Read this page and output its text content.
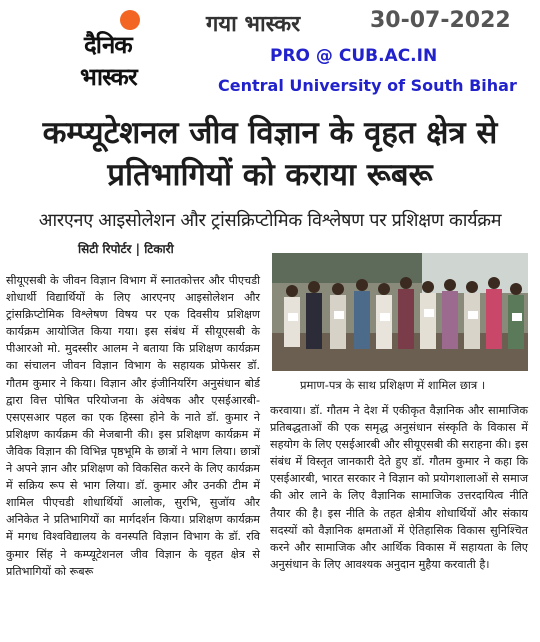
दैनिक
भास्कर
गया भास्कर	30-07-2022
PRO @ CUB.AC.IN
Central University of South Bihar
कम्प्यूटेशनल जीव विज्ञान के वृहत क्षेत्र से प्रतिभागियों को कराया रूबरू
आरएनए आइसोलेशन और ट्रांसक्रिप्टोमिक विश्लेषण पर प्रशिक्षण कार्यक्रम
सिटी रिपोर्टर | टिकारी

सीयूएसबी के जीवन विज्ञान विभाग में स्नातकोत्तर और पीएचडी शोधार्थी विद्यार्थियों के लिए आरएनए आइसोलेशन और ट्रांसक्रिप्टोमिक विश्लेषण विषय पर एक दिवसीय प्रशिक्षण कार्यक्रम आयोजित किया गया। इस संबंध में सीयूएसबी के पीआरओ मो. मुदस्सीर आलम ने बताया कि प्रशिक्षण कार्यक्रम का संचालन जीवन विज्ञान विभाग के सहायक प्रोफेसर डॉ. गौतम कुमार ने किया। विज्ञान और इंजीनियरिंग अनुसंधान बोर्ड द्वारा वित्त पोषित परियोजना के अंवेषक और एसईआरबी-एसएसआर पहल का एक हिस्सा होने के नाते डॉ. कुमार ने प्रशिक्षण कार्यक्रम की मेजबानी की। इस प्रशिक्षण कार्यक्रम में जैविक विज्ञान की विभिन्न पृष्ठभूमि के छात्रों ने भाग लिया। छात्रों ने अपने ज्ञान और प्रशिक्षण को विकसित करने के लिए कार्यक्रम में सक्रिय रूप से भाग लिया। डॉ. कुमार और उनकी टीम में शामिल पीएचडी शोधार्थियों आलोक, सुरभि, सुजॉय और अनिकेत ने प्रतिभागियों का मार्गदर्शन किया। प्रशिक्षण कार्यक्रम में मगध विश्वविद्यालय के वनस्पति विज्ञान विभाग के डॉ. रवि कुमार सिंह ने कम्प्यूटेशनल जीव विज्ञान के वृहत क्षेत्र से प्रतिभागियों को रूबरू

प्रमाण-पत्र के साथ प्रशिक्षण में शामिल छात्र ।

करवाया। डॉ. गौतम ने देश में एकीकृत वैज्ञानिक और सामाजिक प्रतिबद्धताओं की एक समृद्ध अनुसंधान संस्कृति के विकास में सहयोग के लिए एसईआरबी और सीयूएसबी की सराहना की। इस संबंध में विस्तृत जानकारी देते हुए डॉ. गौतम कुमार ने कहा कि एसईआरबी, भारत सरकार ने विज्ञान को प्रयोगशालाओं से समाज की ओर लाने के लिए वैज्ञानिक सामाजिक उत्तरदायित्व नीति तैयार की है। इस नीति के तहत क्षेत्रीय शोधार्थियों और संकाय सदस्यों को वैज्ञानिक क्षमताओं में ऐतिहासिक विकास सुनिश्चित करने और सामाजिक और आर्थिक विकास में सहायता के लिए अनुसंधान के लिए आवश्यक अनुदान मुहैया करवाती है।
